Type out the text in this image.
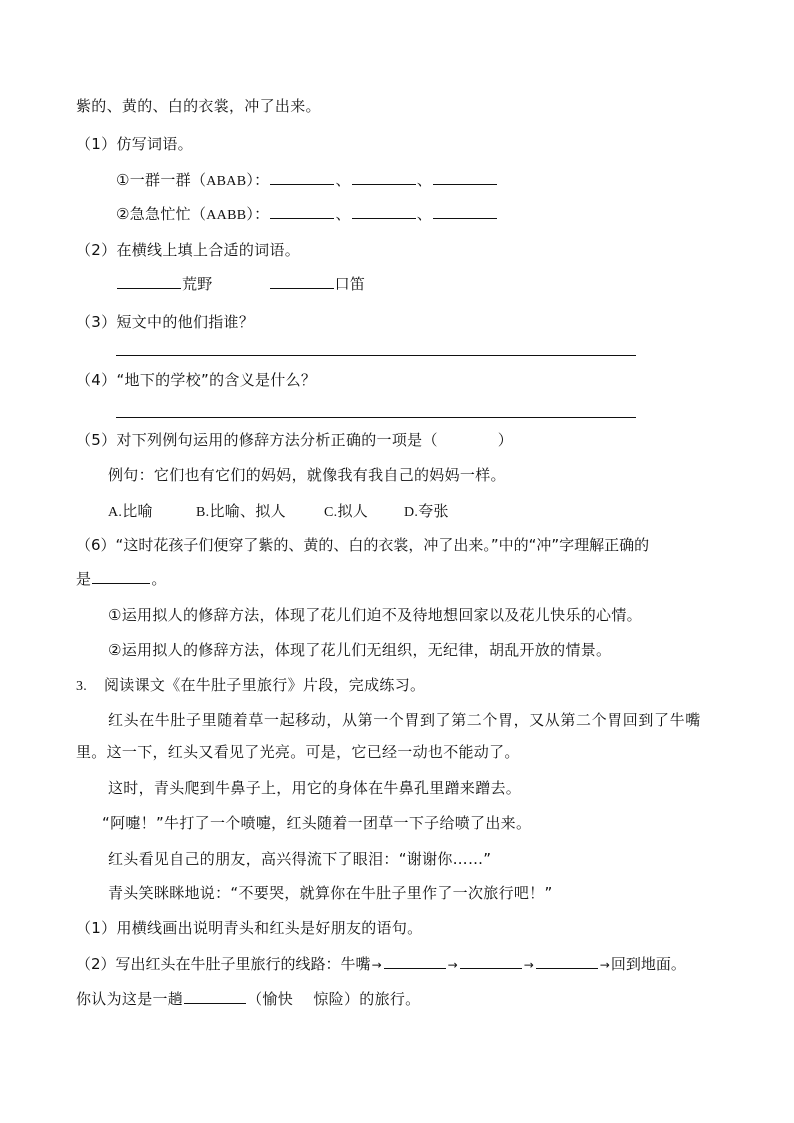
紫的、黄的、白的衣裳，冲了出来。
（1）仿写词语。
①一群一群（ABAB）：	、	、
②急急忙忙（AABB）：	、	、
（2）在横线上填上合适的词语。
荒野	口笛
（3）短文中的他们指谁？
（4）“地下的学校”的含义是什么？
（5）对下列例句运用的修辞方法分析正确的一项是（	）
例句：它们也有它们的妈妈，就像我有我自己的妈妈一样。
A.比喻	B.比喻、拟人	C.拟人	D.夸张
（6）“这时花孩子们便穿了紫的、黄的、白的衣裳，冲了出来。”中的“冲”字理解正确的
是	。
①运用拟人的修辞方法，体现了花儿们迫不及待地想回家以及花儿快乐的心情。
②运用拟人的修辞方法，体现了花儿们无组织，无纪律，胡乱开放的情景。
3. 阅读课文《在牛肚子里旅行》片段，完成练习。
红头在牛肚子里随着草一起移动，从第一个胃到了第二个胃，又从第二个胃回到了牛嘴
里。这一下，红头又看见了光亮。可是，它已经一动也不能动了。
这时，青头爬到牛鼻子上，用它的身体在牛鼻孔里蹭来蹭去。
“阿嚏！”牛打了一个喷嚏，红头随着一团草一下子给喷了出来。
红头看见自己的朋友，高兴得流下了眼泪：“谢谢你……”
青头笑眯眯地说：“不要哭，就算你在牛肚子里作了一次旅行吧！”
（1）用横线画出说明青头和红头是好朋友的语句。
（2）写出红头在牛肚子里旅行的线路：牛嘴→	→	→	→回到地面。
你认为这是一趟	（愉快　 惊险）的旅行。
